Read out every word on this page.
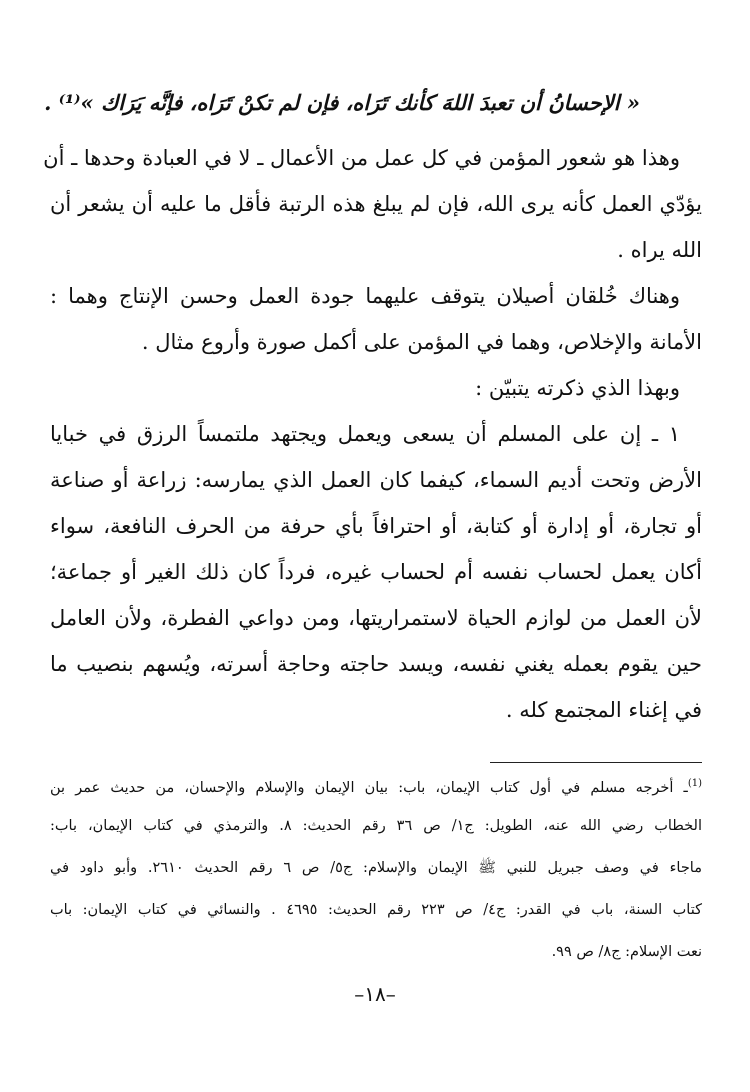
« الإحسانُ أن تعبدَ اللهَ كأنك تَرَاه، فإن لم تكنْ تَرَاه، فإنَّه يَرَاك »⁽¹⁾ .
وهذا هو شعور المؤمن في كل عمل من الأعمال ـ لا في العبادة وحدها ـ أن
يؤدّي العمل كأنه يرى الله، فإن لم يبلغ هذه الرتبة فأقل ما عليه أن يشعر أن
الله يراه .
وهناك خُلقان أصيلان يتوقف عليهما جودة العمل وحسن الإنتاج وهما :
الأمانة والإخلاص، وهما في المؤمن على أكمل صورة وأروع مثال .
وبهذا الذي ذكرته يتبيّن :
١ ـ إن على المسلم أن يسعى ويعمل ويجتهد ملتمساً الرزق في خبايا
الأرض وتحت أديم السماء، كيفما كان العمل الذي يمارسه: زراعة أو صناعة
أو تجارة، أو إدارة أو كتابة، أو احترافاً بأي حرفة من الحرف النافعة، سواء
أكان يعمل لحساب نفسه أم لحساب غيره، فرداً كان ذلك الغير أو جماعة؛
لأن العمل من لوازم الحياة لاستمراريتها، ومن دواعي الفطرة، ولأن العامل
حين يقوم بعمله يغني نفسه، ويسد حاجته وحاجة أسرته، ويُسهم بنصيب ما
في إغناء المجتمع كله .
$^{(1)}$ـ أخرجه مسلم في أول كتاب الإيمان، باب: بيان الإيمان والإسلام والإحسان، من حديث عمر بن
الخطاب رضي الله عنه، الطويل: ج١/ ص ٣٦ رقم الحديث: ٨. والترمذي في كتاب الإيمان، باب:
ماجاء في وصف جبريل للنبي ﷺ الإيمان والإسلام: ج٥/ ص ٦ رقم الحديث ٢٦١٠. وأبو داود في
كتاب السنة، باب في القدر: ج٤/ ص ٢٢٣ رقم الحديث: ٤٦٩٥ . والنسائي في كتاب الإيمان: باب
نعت الإسلام: ج٨/ ص ٩٩.
–١٨–
